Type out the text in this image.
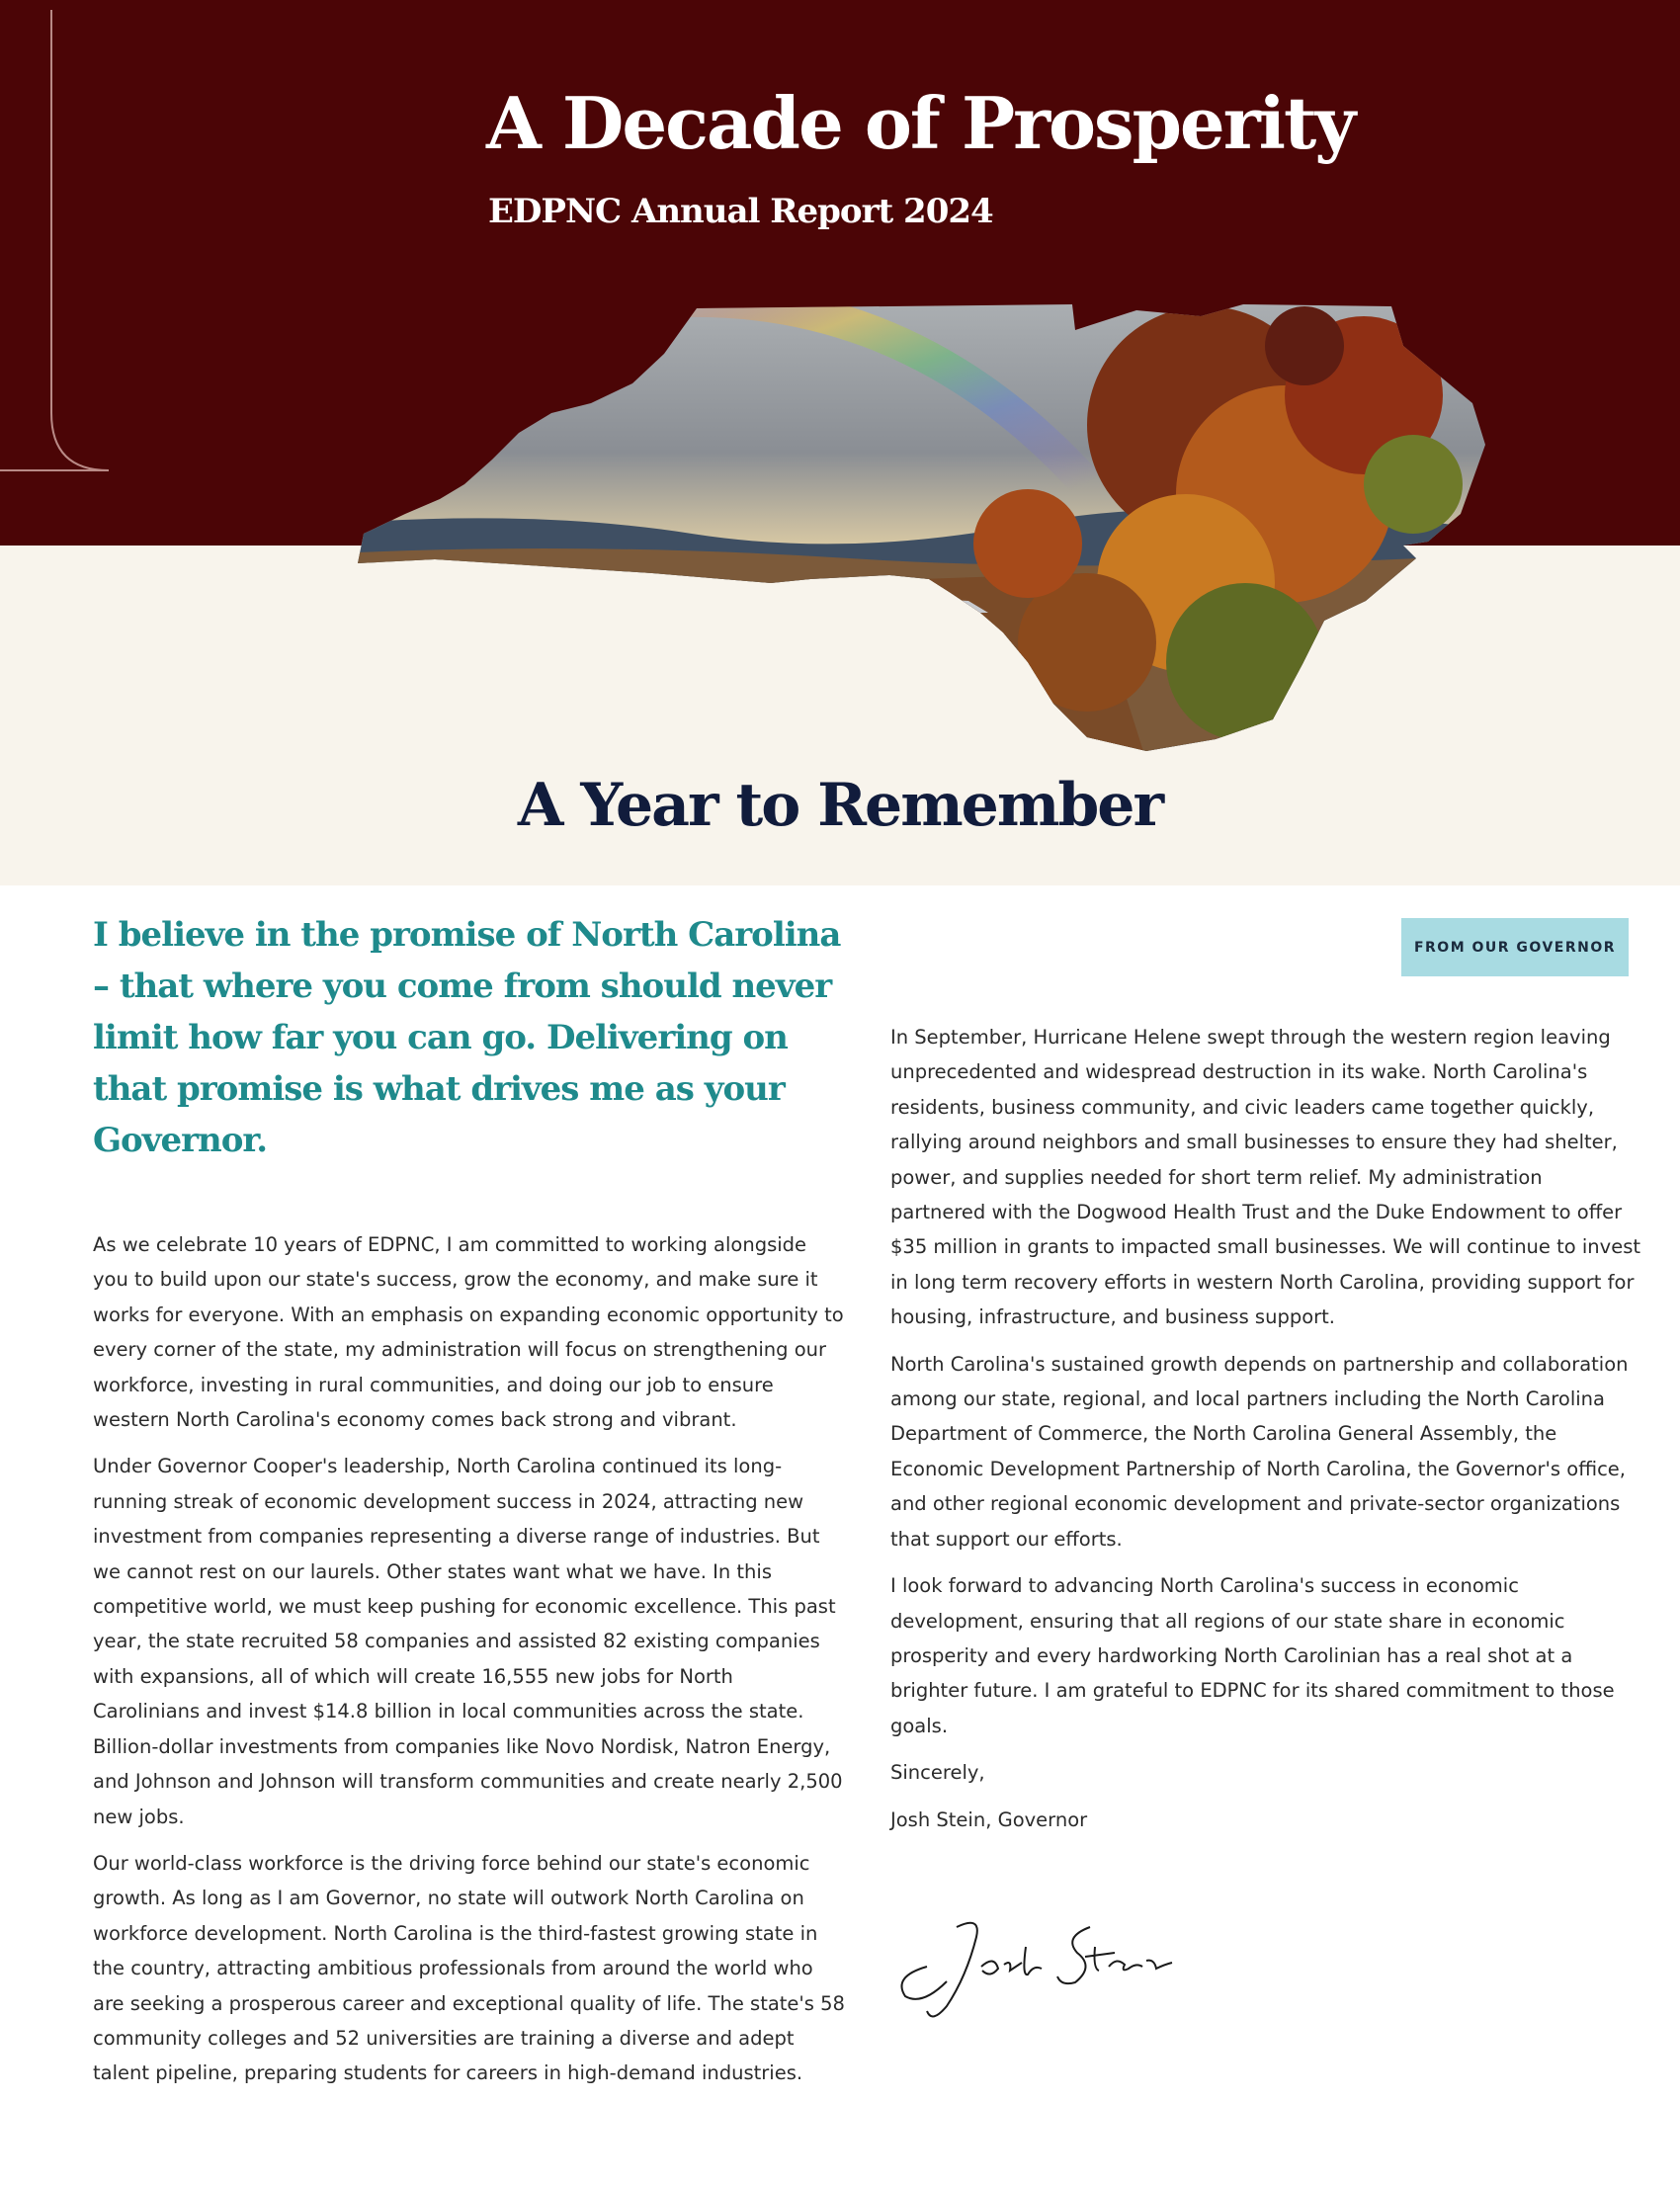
A Decade of Prosperity
EDPNC Annual Report 2024
A Year to Remember

I believe in the promise of North Carolina – that where you come from should never limit how far you can go. Delivering on that promise is what drives me as your Governor.

FROM OUR GOVERNOR

As we celebrate 10 years of EDPNC, I am committed to working alongside you to build upon our state's success, grow the economy, and make sure it works for everyone. With an emphasis on expanding economic opportunity to every corner of the state, my administration will focus on strengthening our workforce, investing in rural communities, and doing our job to ensure western North Carolina's economy comes back strong and vibrant.

Under Governor Cooper's leadership, North Carolina continued its long-running streak of economic development success in 2024, attracting new investment from companies representing a diverse range of industries. But we cannot rest on our laurels. Other states want what we have. In this competitive world, we must keep pushing for economic excellence. This past year, the state recruited 58 companies and assisted 82 existing companies with expansions, all of which will create 16,555 new jobs for North Carolinians and invest $14.8 billion in local communities across the state. Billion-dollar investments from companies like Novo Nordisk, Natron Energy, and Johnson and Johnson will transform communities and create nearly 2,500 new jobs.

Our world-class workforce is the driving force behind our state's economic growth. As long as I am Governor, no state will outwork North Carolina on workforce development. North Carolina is the third-fastest growing state in the country, attracting ambitious professionals from around the world who are seeking a prosperous career and exceptional quality of life. The state's 58 community colleges and 52 universities are training a diverse and adept talent pipeline, preparing students for careers in high-demand industries.

In September, Hurricane Helene swept through the western region leaving unprecedented and widespread destruction in its wake. North Carolina's residents, business community, and civic leaders came together quickly, rallying around neighbors and small businesses to ensure they had shelter, power, and supplies needed for short term relief. My administration partnered with the Dogwood Health Trust and the Duke Endowment to offer $35 million in grants to impacted small businesses. We will continue to invest in long term recovery efforts in western North Carolina, providing support for housing, infrastructure, and business support.

North Carolina's sustained growth depends on partnership and collaboration among our state, regional, and local partners including the North Carolina Department of Commerce, the North Carolina General Assembly, the Economic Development Partnership of North Carolina, the Governor's office, and other regional economic development and private-sector organizations that support our efforts.

I look forward to advancing North Carolina's success in economic development, ensuring that all regions of our state share in economic prosperity and every hardworking North Carolinian has a real shot at a brighter future. I am grateful to EDPNC for its shared commitment to those goals.

Sincerely,

Josh Stein, Governor
